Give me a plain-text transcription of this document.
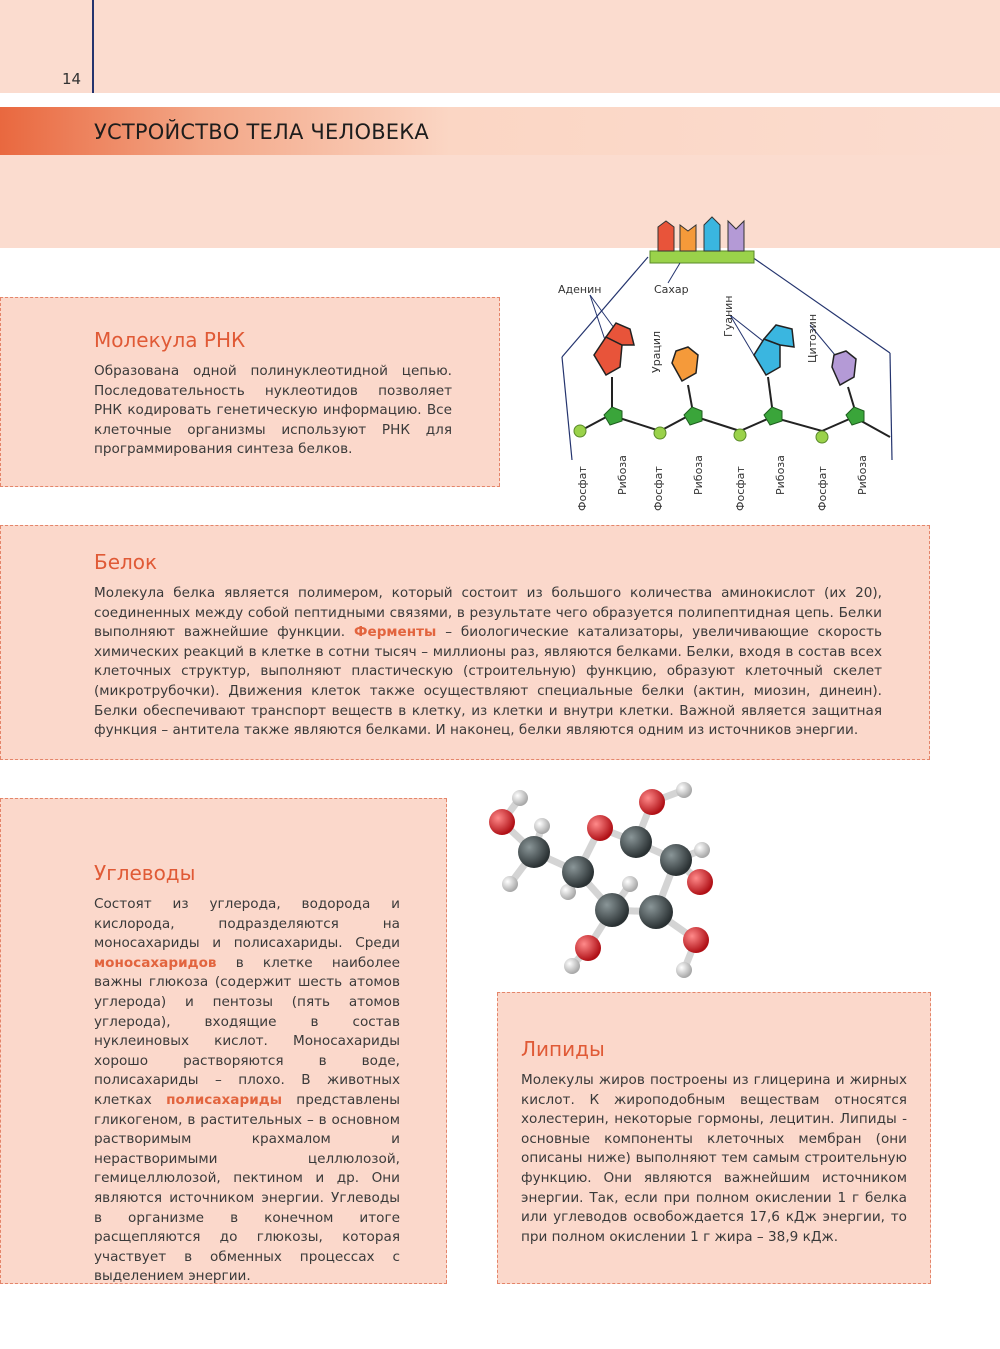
14
УСТРОЙСТВО ТЕЛА ЧЕЛОВЕКА
Молекула РНК

Образована одной полинуклеотидной цепью. Последовательность нуклеотидов позволяет РНК кодировать генетическую информацию. Все клеточные организмы используют РНК для программирования синтеза белков.

Аденин	Сахар
Урацил
Гуанин	Цитозин
Фосфат Рибоза Фосфат Рибоза	Фосфат Рибоза	Фосфат Рибоза
Белок

Молекула белка является полимером, который состоит из большого количества аминокислот (их 20), соединенных между собой пептидными связями, в результате чего образуется полипептидная цепь. Белки выполняют важнейшие функции. Ферменты – биологические катализаторы, увеличивающие скорость химических реакций в клетке в сотни тысяч – миллионы раз, являются белками. Белки, входя в состав всех клеточных структур, выполняют пластическую (строительную) функцию, образуют клеточный скелет (микротрубочки). Движения клеток также осуществляют специальные белки (актин, миозин, динеин). Белки обеспечивают транспорт веществ в клетку, из клетки и внутри клетки. Важной является защитная функция – антитела также являются белками. И наконец, белки являются одним из источников энергии.

Углеводы

Состоят из углерода, водорода и кислорода, подразделяются на моносахариды и полисахариды. Среди моносахаридов в клетке наиболее важны глюкоза (содержит шесть атомов углерода) и пентозы (пять атомов углерода), входящие в состав нуклеиновых кислот. Моносахариды хорошо растворяются в воде, полисахариды – плохо. В животных клетках полисахариды представлены гликогеном, в растительных – в основном растворимым крахмалом и нерастворимыми целлюлозой, гемицеллюлозой, пектином и др. Они являются источником энергии. Углеводы в организме в конечном итоге расщепляются до глюкозы, которая участвует в обменных процессах с выделением энергии.

Липиды

Молекулы жиров построены из глицерина и жирных кислот. К жироподобным веществам относятся холестерин, некоторые гормоны, лецитин. Липиды - основные компоненты клеточных мембран (они описаны ниже) выполняют тем самым строительную функцию. Они являются важнейшим источником энергии. Так, если при полном окислении 1 г белка или углеводов освобождается 17,6 кДж энергии, то при полном окислении 1 г жира – 38,9 кДж.
